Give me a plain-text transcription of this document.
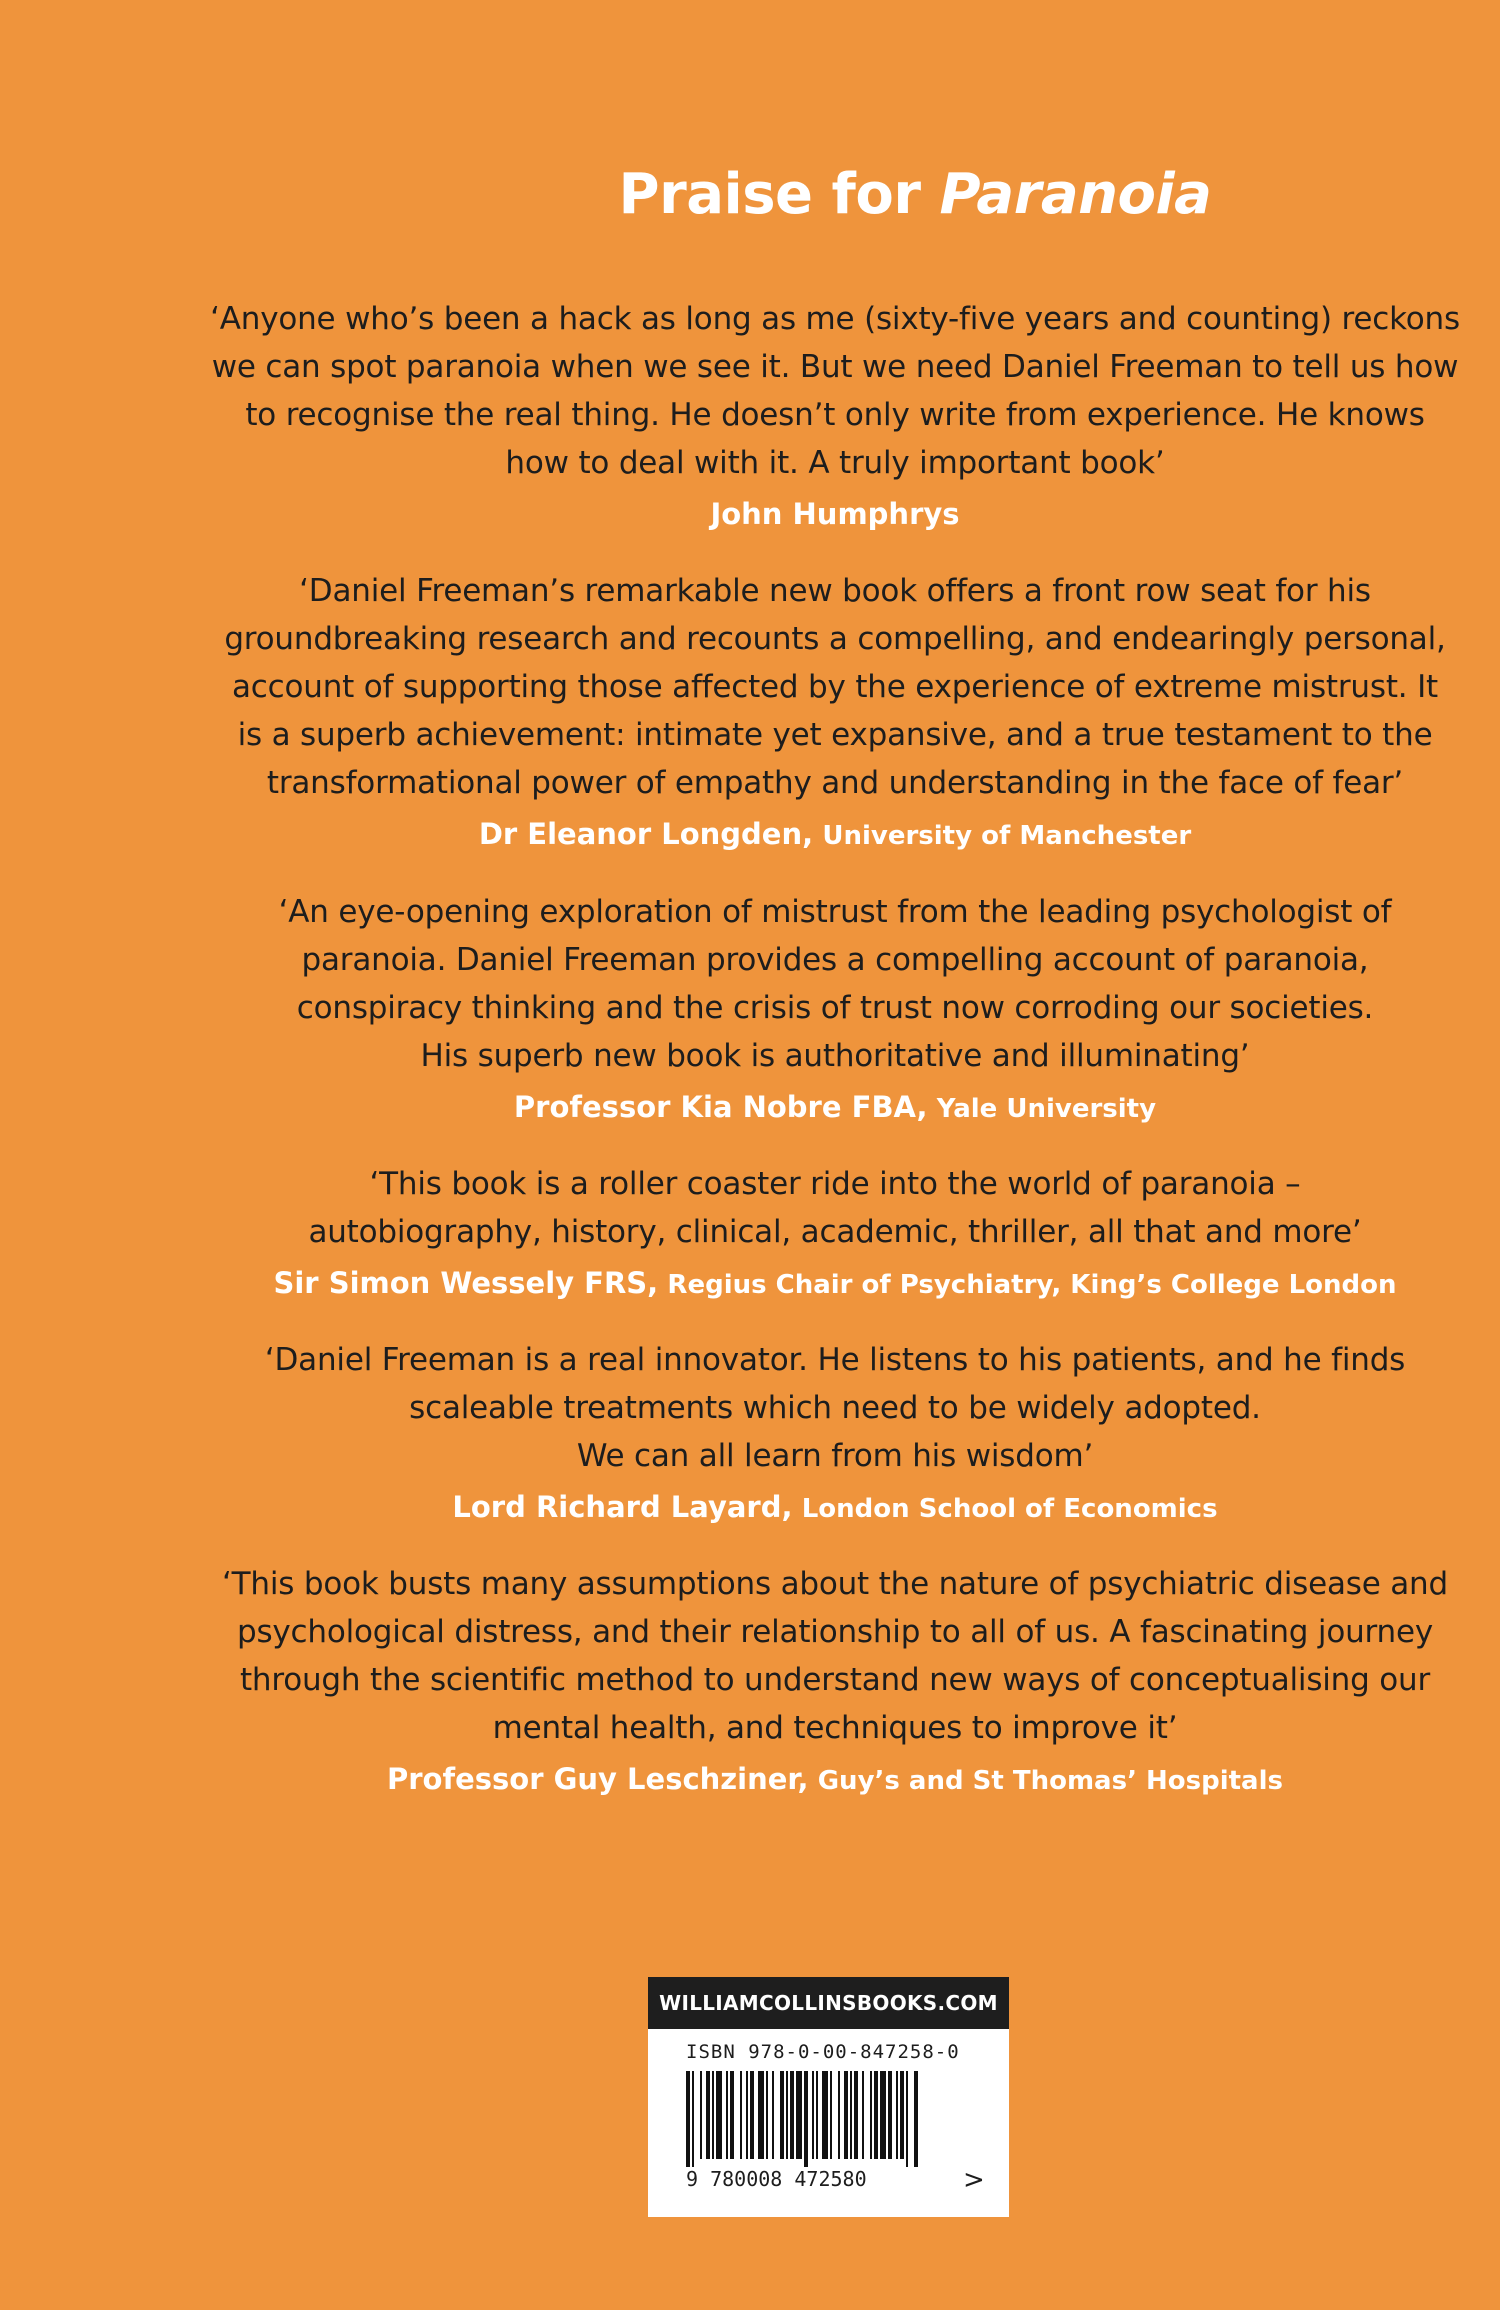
Praise for Paranoia
‘Anyone who’s been a hack as long as me (sixty-five years and counting) reckons
we can spot paranoia when we see it. But we need Daniel Freeman to tell us how
to recognise the real thing. He doesn’t only write from experience. He knows
how to deal with it. A truly important book’
John Humphrys
‘Daniel Freeman’s remarkable new book offers a front row seat for his
groundbreaking research and recounts a compelling, and endearingly personal,
account of supporting those affected by the experience of extreme mistrust. It
is a superb achievement: intimate yet expansive, and a true testament to the
transformational power of empathy and understanding in the face of fear’
Dr Eleanor Longden, University of Manchester
‘An eye-opening exploration of mistrust from the leading psychologist of
paranoia. Daniel Freeman provides a compelling account of paranoia,
conspiracy thinking and the crisis of trust now corroding our societies.
His superb new book is authoritative and illuminating’
Professor Kia Nobre FBA, Yale University
‘This book is a roller coaster ride into the world of paranoia –
autobiography, history, clinical, academic, thriller, all that and more’
Sir Simon Wessely FRS, Regius Chair of Psychiatry, King’s College London
‘Daniel Freeman is a real innovator. He listens to his patients, and he finds
scaleable treatments which need to be widely adopted.
We can all learn from his wisdom’
Lord Richard Layard, London School of Economics
‘This book busts many assumptions about the nature of psychiatric disease and
psychological distress, and their relationship to all of us. A fascinating journey
through the scientific method to understand new ways of conceptualising our
mental health, and techniques to improve it’
Professor Guy Leschziner, Guy’s and St Thomas’ Hospitals
WILLIAMCOLLINSBOOKS.COM
ISBN 978-0-00-847258-0
9 780008 472580	>
